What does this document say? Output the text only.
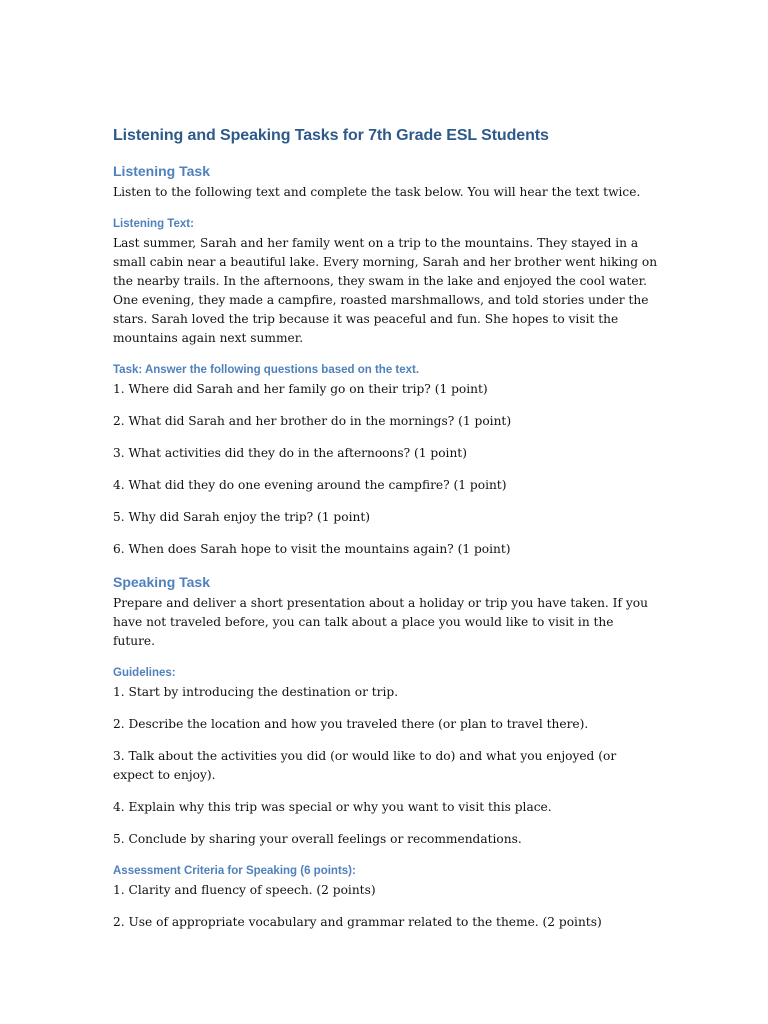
Listening and Speaking Tasks for 7th Grade ESL Students
Listening Task

Listen to the following text and complete the task below. You will hear the text twice.

Listening Text:

Last summer, Sarah and her family went on a trip to the mountains. They stayed in a small cabin near a beautiful lake. Every morning, Sarah and her brother went hiking on the nearby trails. In the afternoons, they swam in the lake and enjoyed the cool water. One evening, they made a campfire, roasted marshmallows, and told stories under the stars. Sarah loved the trip because it was peaceful and fun. She hopes to visit the mountains again next summer.

Task: Answer the following questions based on the text.

1. Where did Sarah and her family go on their trip? (1 point)

2. What did Sarah and her brother do in the mornings? (1 point)

3. What activities did they do in the afternoons? (1 point)

4. What did they do one evening around the campfire? (1 point)

5. Why did Sarah enjoy the trip? (1 point)

6. When does Sarah hope to visit the mountains again? (1 point)

Speaking Task

Prepare and deliver a short presentation about a holiday or trip you have taken. If you have not traveled before, you can talk about a place you would like to visit in the future.

Guidelines:

1. Start by introducing the destination or trip.

2. Describe the location and how you traveled there (or plan to travel there).

3. Talk about the activities you did (or would like to do) and what you enjoyed (or expect to enjoy).

4. Explain why this trip was special or why you want to visit this place.

5. Conclude by sharing your overall feelings or recommendations.

Assessment Criteria for Speaking (6 points):

1. Clarity and fluency of speech. (2 points)

2. Use of appropriate vocabulary and grammar related to the theme. (2 points)
